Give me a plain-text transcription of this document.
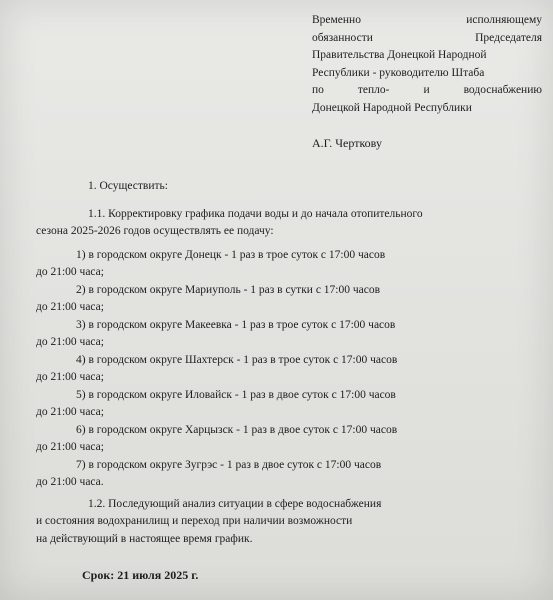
Временно	исполняющему
обязанности	Председателя
Правительства Донецкой Народной
Республики - руководителю Штаба
по	тепло-	и	водоснабжению
Донецкой Народной Республики
А.Г. Черткову
1. Осуществить:
1.1. Корректировку графика подачи воды и до начала отопительного
сезона 2025-2026 годов осуществлять ее подачу:
1) в городском округе Донецк - 1 раз в трое суток с 17:00 часов
до 21:00 часа;
2) в городском округе Мариуполь - 1 раз в сутки с 17:00 часов
до 21:00 часа;
3) в городском округе Макеевка - 1 раз в трое суток с 17:00 часов
до 21:00 часа;
4) в городском округе Шахтерск - 1 раз в трое суток с 17:00 часов
до 21:00 часа;
5) в городском округе Иловайск - 1 раз в двое суток с 17:00 часов
до 21:00 часа;
6) в городском округе Харцызск - 1 раз в двое суток с 17:00 часов
до 21:00 часа;
7) в городском округе Зугрэс - 1 раз в двое суток с 17:00 часов
до 21:00 часа.
1.2. Последующий анализ ситуации в сфере водоснабжения
и состояния водохранилищ и переход при наличии возможности
на действующий в настоящее время график.
Срок: 21 июля 2025 г.
